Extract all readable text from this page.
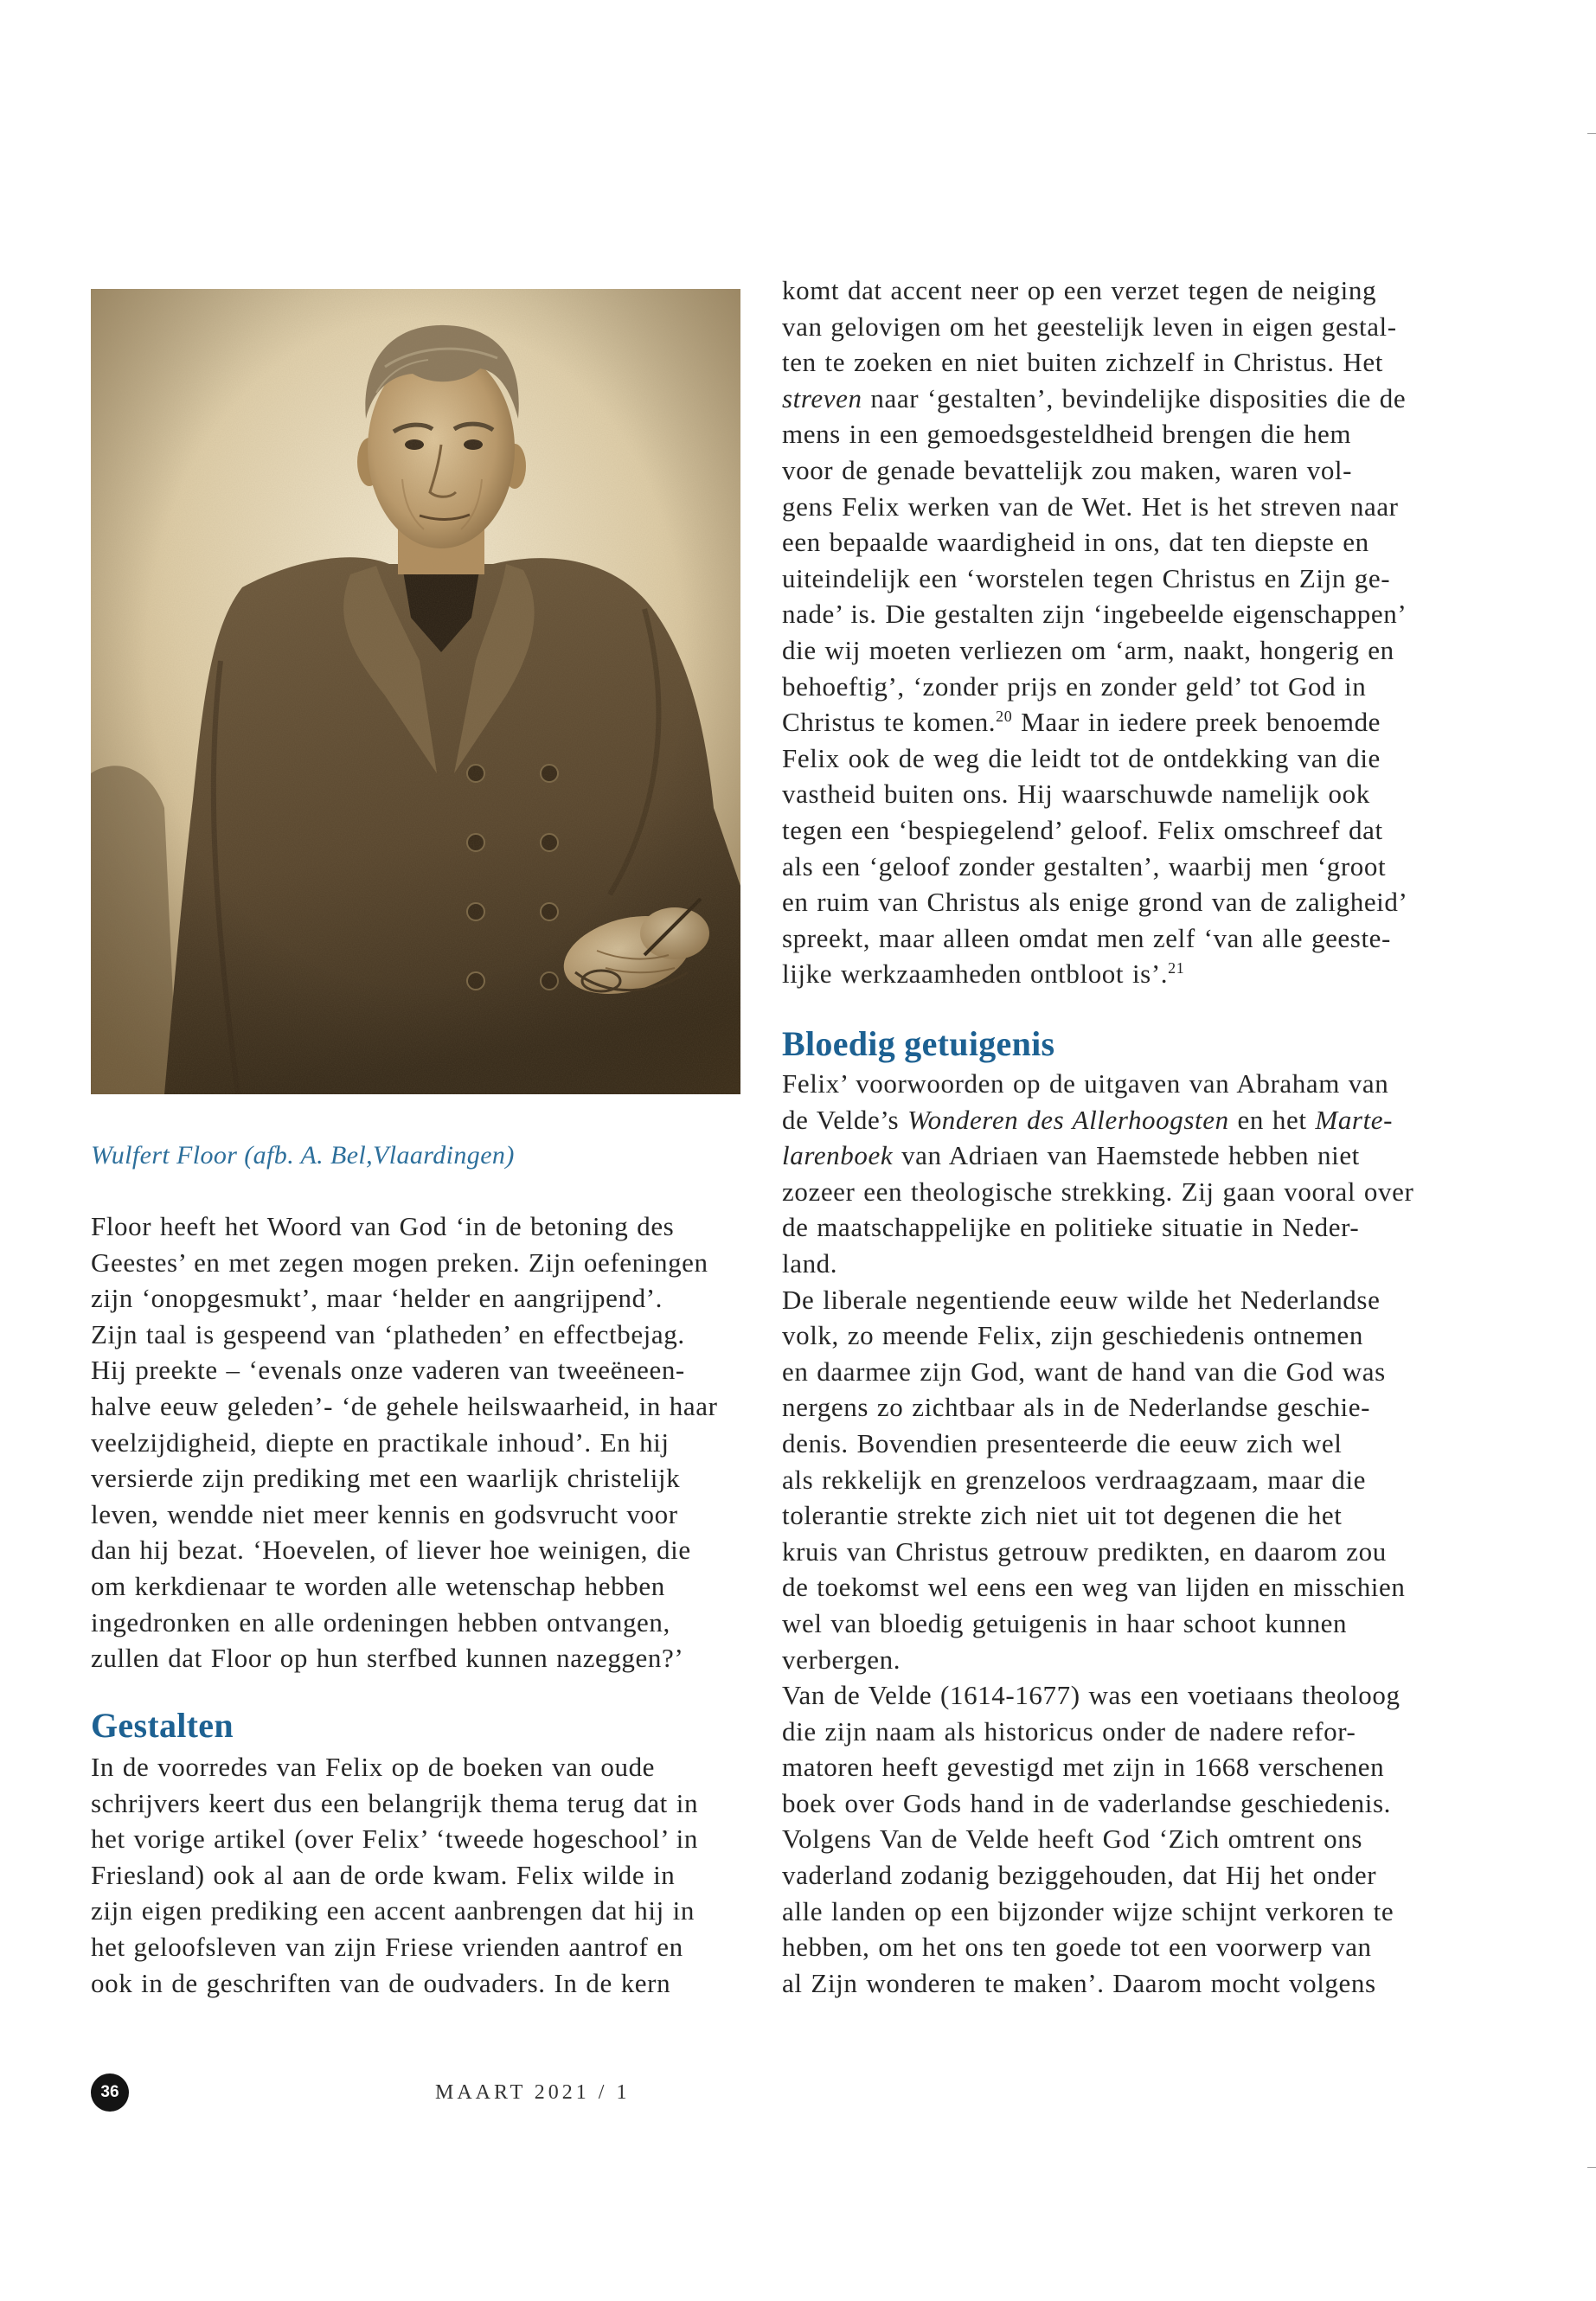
Wulfert Floor (afb. A. Bel,Vlaardingen)
Floor heeft het Woord van God ‘in de betoning des
Geestes’ en met zegen mogen preken. Zijn oefeningen
zijn ‘onopgesmukt’, maar ‘helder en aangrijpend’.
Zijn taal is gespeend van ‘platheden’ en effectbejag.
Hij preekte – ‘evenals onze vaderen van tweeëneen-
halve eeuw geleden’- ‘de gehele heilswaarheid, in haar
veelzijdigheid, diepte en practikale inhoud’. En hij
versierde zijn prediking met een waarlijk christelijk
leven, wendde niet meer kennis en godsvrucht voor
dan hij bezat. ‘Hoevelen, of liever hoe weinigen, die
om kerkdienaar te worden alle wetenschap hebben
ingedronken en alle ordeningen hebben ontvangen,
zullen dat Floor op hun sterfbed kunnen nazeggen?’
Gestalten
In de voorredes van Felix op de boeken van oude
schrijvers keert dus een belangrijk thema terug dat in
het vorige artikel (over Felix’ ‘tweede hogeschool’ in
Friesland) ook al aan de orde kwam. Felix wilde in
zijn eigen prediking een accent aanbrengen dat hij in
het geloofsleven van zijn Friese vrienden aantrof en
ook in de geschriften van de oudvaders. In de kern
komt dat accent neer op een verzet tegen de neiging
van gelovigen om het geestelijk leven in eigen gestal-
ten te zoeken en niet buiten zichzelf in Christus. Het
streven naar ‘gestalten’, bevindelijke disposities die de
mens in een gemoedsgesteldheid brengen die hem
voor de genade bevattelijk zou maken, waren vol-
gens Felix werken van de Wet. Het is het streven naar
een bepaalde waardigheid in ons, dat ten diepste en
uiteindelijk een ‘worstelen tegen Christus en Zijn ge-
nade’ is. Die gestalten zijn ‘ingebeelde eigenschappen’
die wij moeten verliezen om ‘arm, naakt, hongerig en
behoeftig’, ‘zonder prijs en zonder geld’ tot God in
Christus te komen.$^{20}$ Maar in iedere preek benoemde
Felix ook de weg die leidt tot de ontdekking van die
vastheid buiten ons. Hij waarschuwde namelijk ook
tegen een ‘bespiegelend’ geloof. Felix omschreef dat
als een ‘geloof zonder gestalten’, waarbij men ‘groot
en ruim van Christus als enige grond van de zaligheid’
spreekt, maar alleen omdat men zelf ‘van alle geeste-
lijke werkzaamheden ontbloot is’.$^{21}$
Bloedig getuigenis
Felix’ voorwoorden op de uitgaven van Abraham van
de Velde’s Wonderen des Allerhoogsten en het Marte-
larenboek van Adriaen van Haemstede hebben niet
zozeer een theologische strekking. Zij gaan vooral over
de maatschappelijke en politieke situatie in Neder-
land.
De liberale negentiende eeuw wilde het Nederlandse
volk, zo meende Felix, zijn geschiedenis ontnemen
en daarmee zijn God, want de hand van die God was
nergens zo zichtbaar als in de Nederlandse geschie-
denis. Bovendien presenteerde die eeuw zich wel
als rekkelijk en grenzeloos verdraagzaam, maar die
tolerantie strekte zich niet uit tot degenen die het
kruis van Christus getrouw predikten, en daarom zou
de toekomst wel eens een weg van lijden en misschien
wel van bloedig getuigenis in haar schoot kunnen
verbergen.
Van de Velde (1614-1677) was een voetiaans theoloog
die zijn naam als historicus onder de nadere refor-
matoren heeft gevestigd met zijn in 1668 verschenen
boek over Gods hand in de vaderlandse geschiedenis.
Volgens Van de Velde heeft God ‘Zich omtrent ons
vaderland zodanig beziggehouden, dat Hij het onder
alle landen op een bijzonder wijze schijnt verkoren te
hebben, om het ons ten goede tot een voorwerp van
al Zijn wonderen te maken’. Daarom mocht volgens
36	MAART 2021 / 1
